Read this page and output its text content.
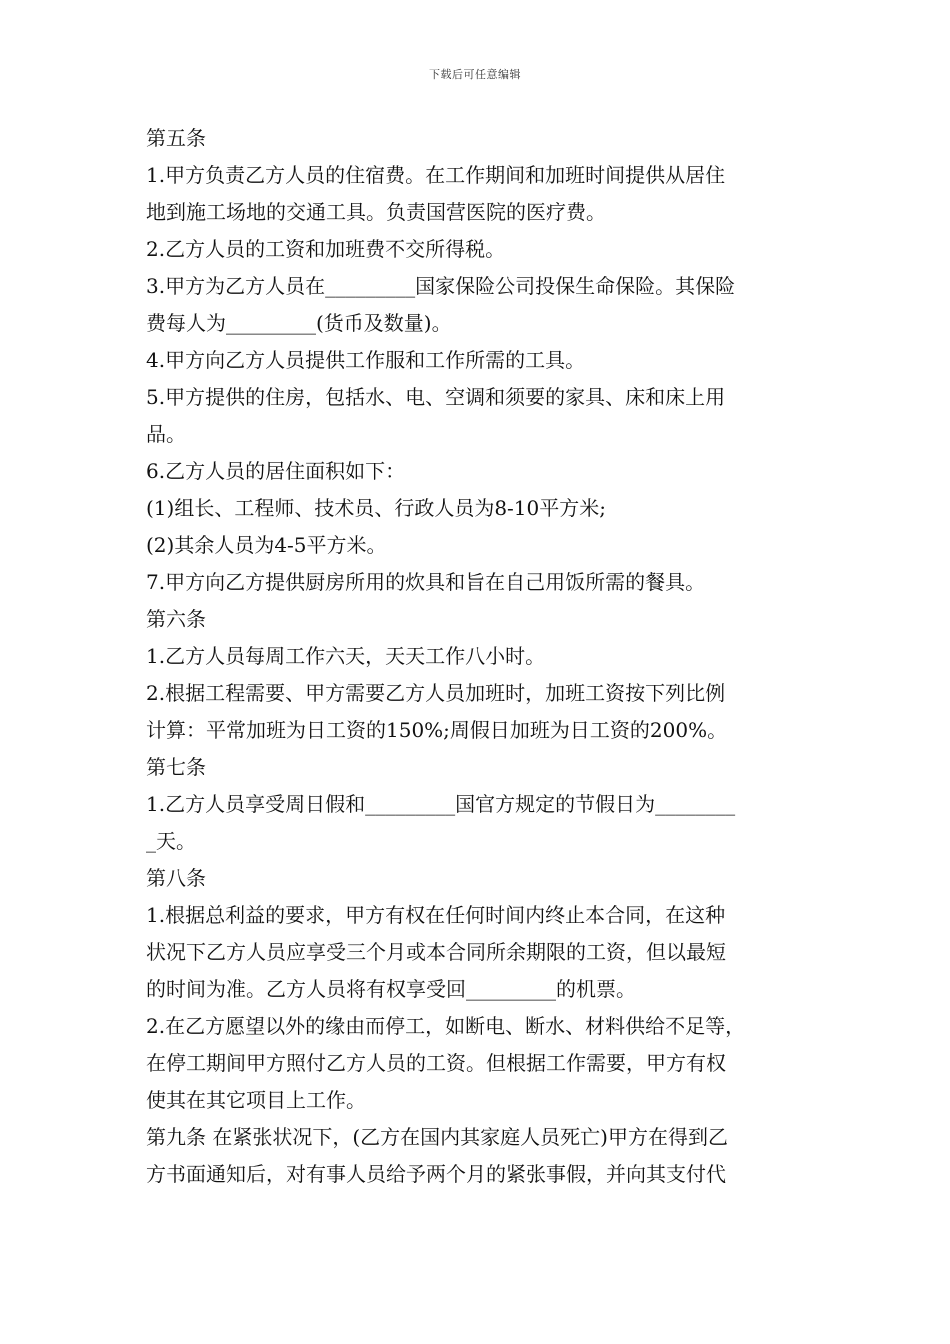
下载后可任意编辑
第五条
1.甲方负责乙方人员的住宿费。在工作期间和加班时间提供从居住
地到施工场地的交通工具。负责国营医院的医疗费。
2.乙方人员的工资和加班费不交所得税。
3.甲方为乙方人员在_________国家保险公司投保生命保险。其保险
费每人为_________(货币及数量)。
4.甲方向乙方人员提供工作服和工作所需的工具。
5.甲方提供的住房，包括水、电、空调和须要的家具、床和床上用
品。
6.乙方人员的居住面积如下：
(1)组长、工程师、技术员、行政人员为8-10平方米;
(2)其余人员为4-5平方米。
7.甲方向乙方提供厨房所用的炊具和旨在自己用饭所需的餐具。
第六条
1.乙方人员每周工作六天，天天工作八小时。
2.根据工程需要、甲方需要乙方人员加班时，加班工资按下列比例
计算：平常加班为日工资的150%;周假日加班为日工资的200%。
第七条
1.乙方人员享受周日假和_________国官方规定的节假日为________
_天。
第八条
1.根据总利益的要求，甲方有权在任何时间内终止本合同，在这种
状况下乙方人员应享受三个月或本合同所余期限的工资，但以最短
的时间为准。乙方人员将有权享受回_________的机票。
2.在乙方愿望以外的缘由而停工，如断电、断水、材料供给不足等，
在停工期间甲方照付乙方人员的工资。但根据工作需要，甲方有权
使其在其它项目上工作。
第九条 在紧张状况下，(乙方在国内其家庭人员死亡)甲方在得到乙
方书面通知后，对有事人员给予两个月的紧张事假，并向其支付代
